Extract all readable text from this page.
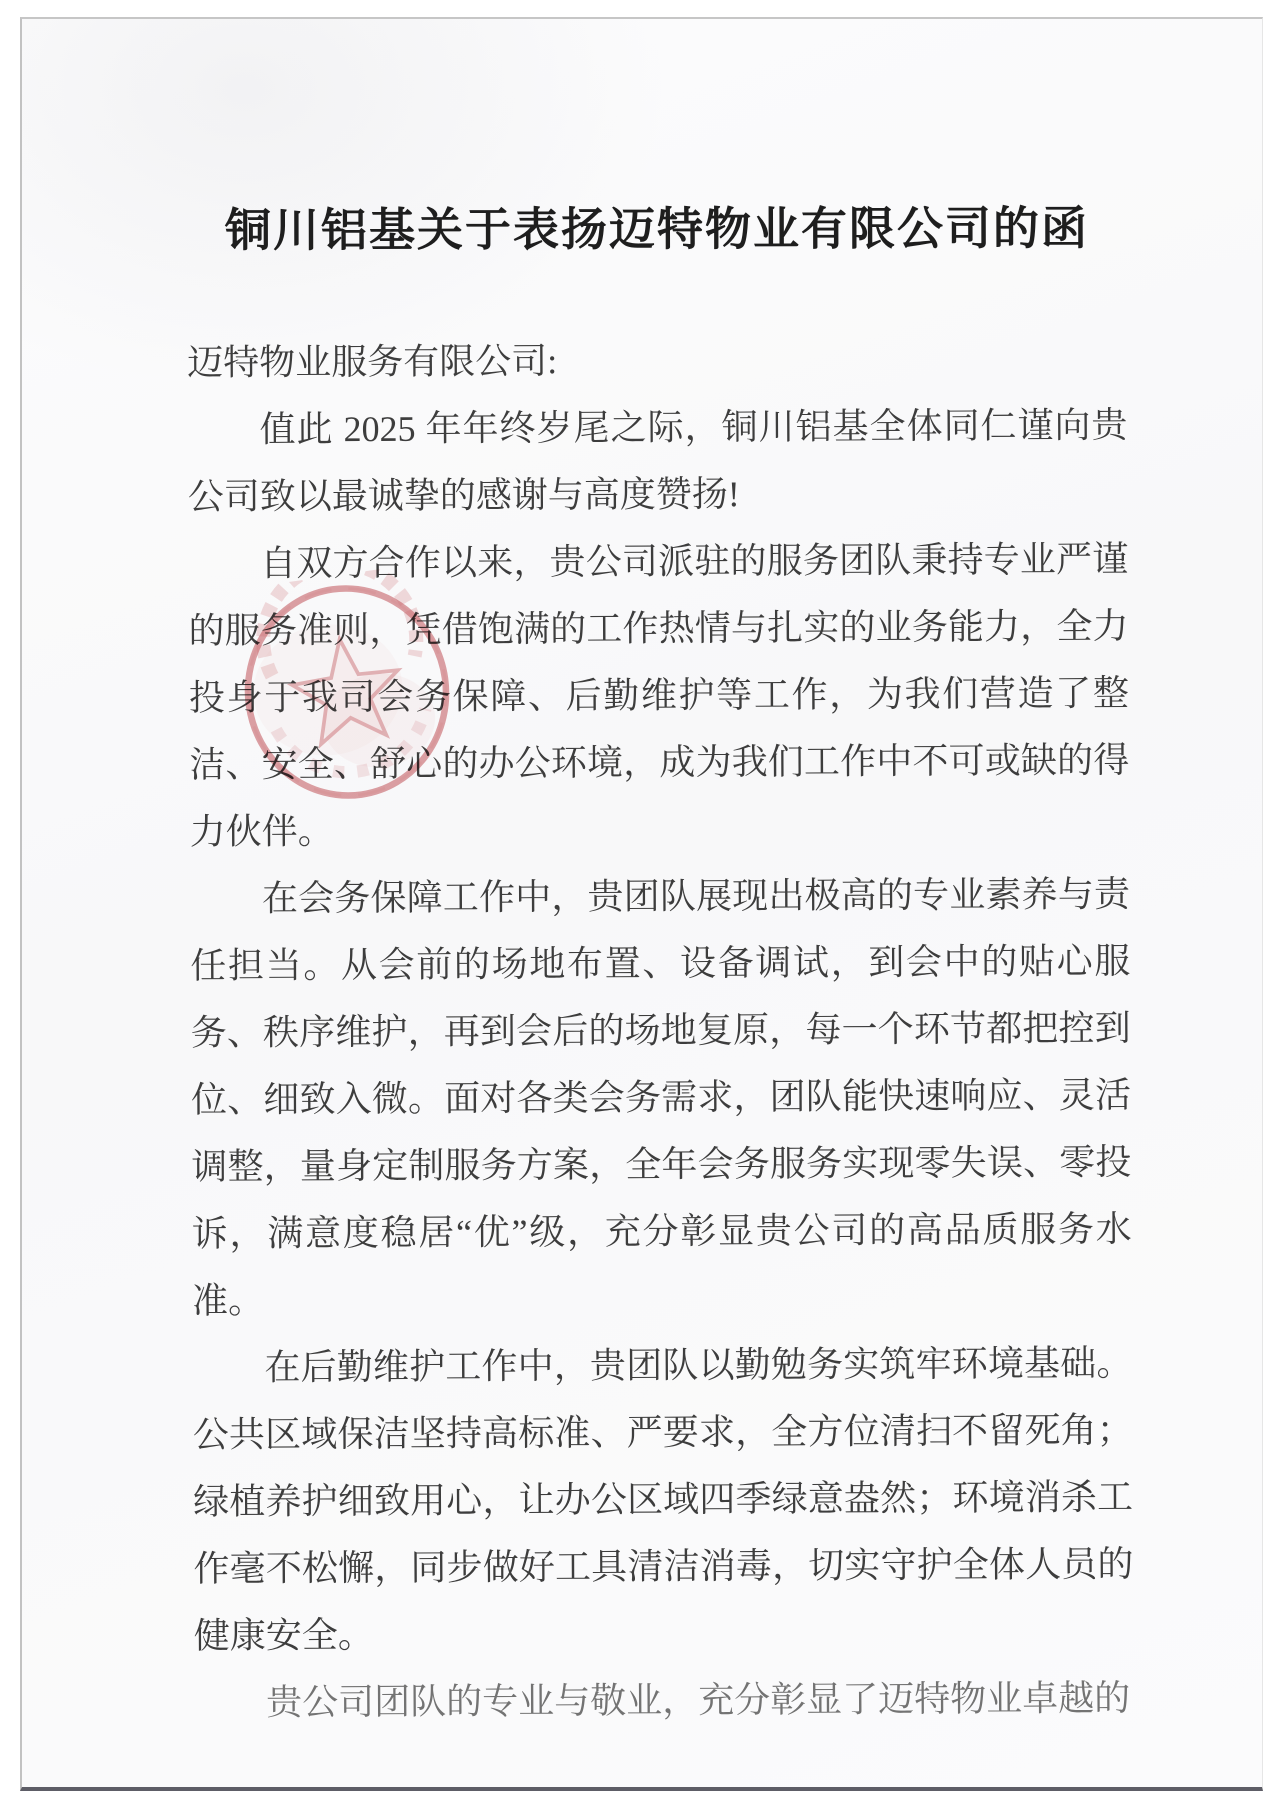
铜川铝基关于表扬迈特物业有限公司的函

迈特物业服务有限公司:

值此 2025 年年终岁尾之际，铜川铝基全体同仁谨向贵公司致以最诚挚的感谢与高度赞扬!

自双方合作以来，贵公司派驻的服务团队秉持专业严谨的服务准则，凭借饱满的工作热情与扎实的业务能力，全力投身于我司会务保障、后勤维护等工作，为我们营造了整洁、安全、舒心的办公环境，成为我们工作中不可或缺的得力伙伴。

在会务保障工作中，贵团队展现出极高的专业素养与责任担当。从会前的场地布置、设备调试，到会中的贴心服务、秩序维护，再到会后的场地复原，每一个环节都把控到位、细致入微。面对各类会务需求，团队能快速响应、灵活调整，量身定制服务方案，全年会务服务实现零失误、零投诉，满意度稳居“优”级，充分彰显贵公司的高品质服务水准。

在后勤维护工作中，贵团队以勤勉务实筑牢环境基础。公共区域保洁坚持高标准、严要求，全方位清扫不留死角；绿植养护细致用心，让办公区域四季绿意盎然；环境消杀工作毫不松懈，同步做好工具清洁消毒，切实守护全体人员的健康安全。

贵公司团队的专业与敬业，充分彰显了迈特物业卓越的
